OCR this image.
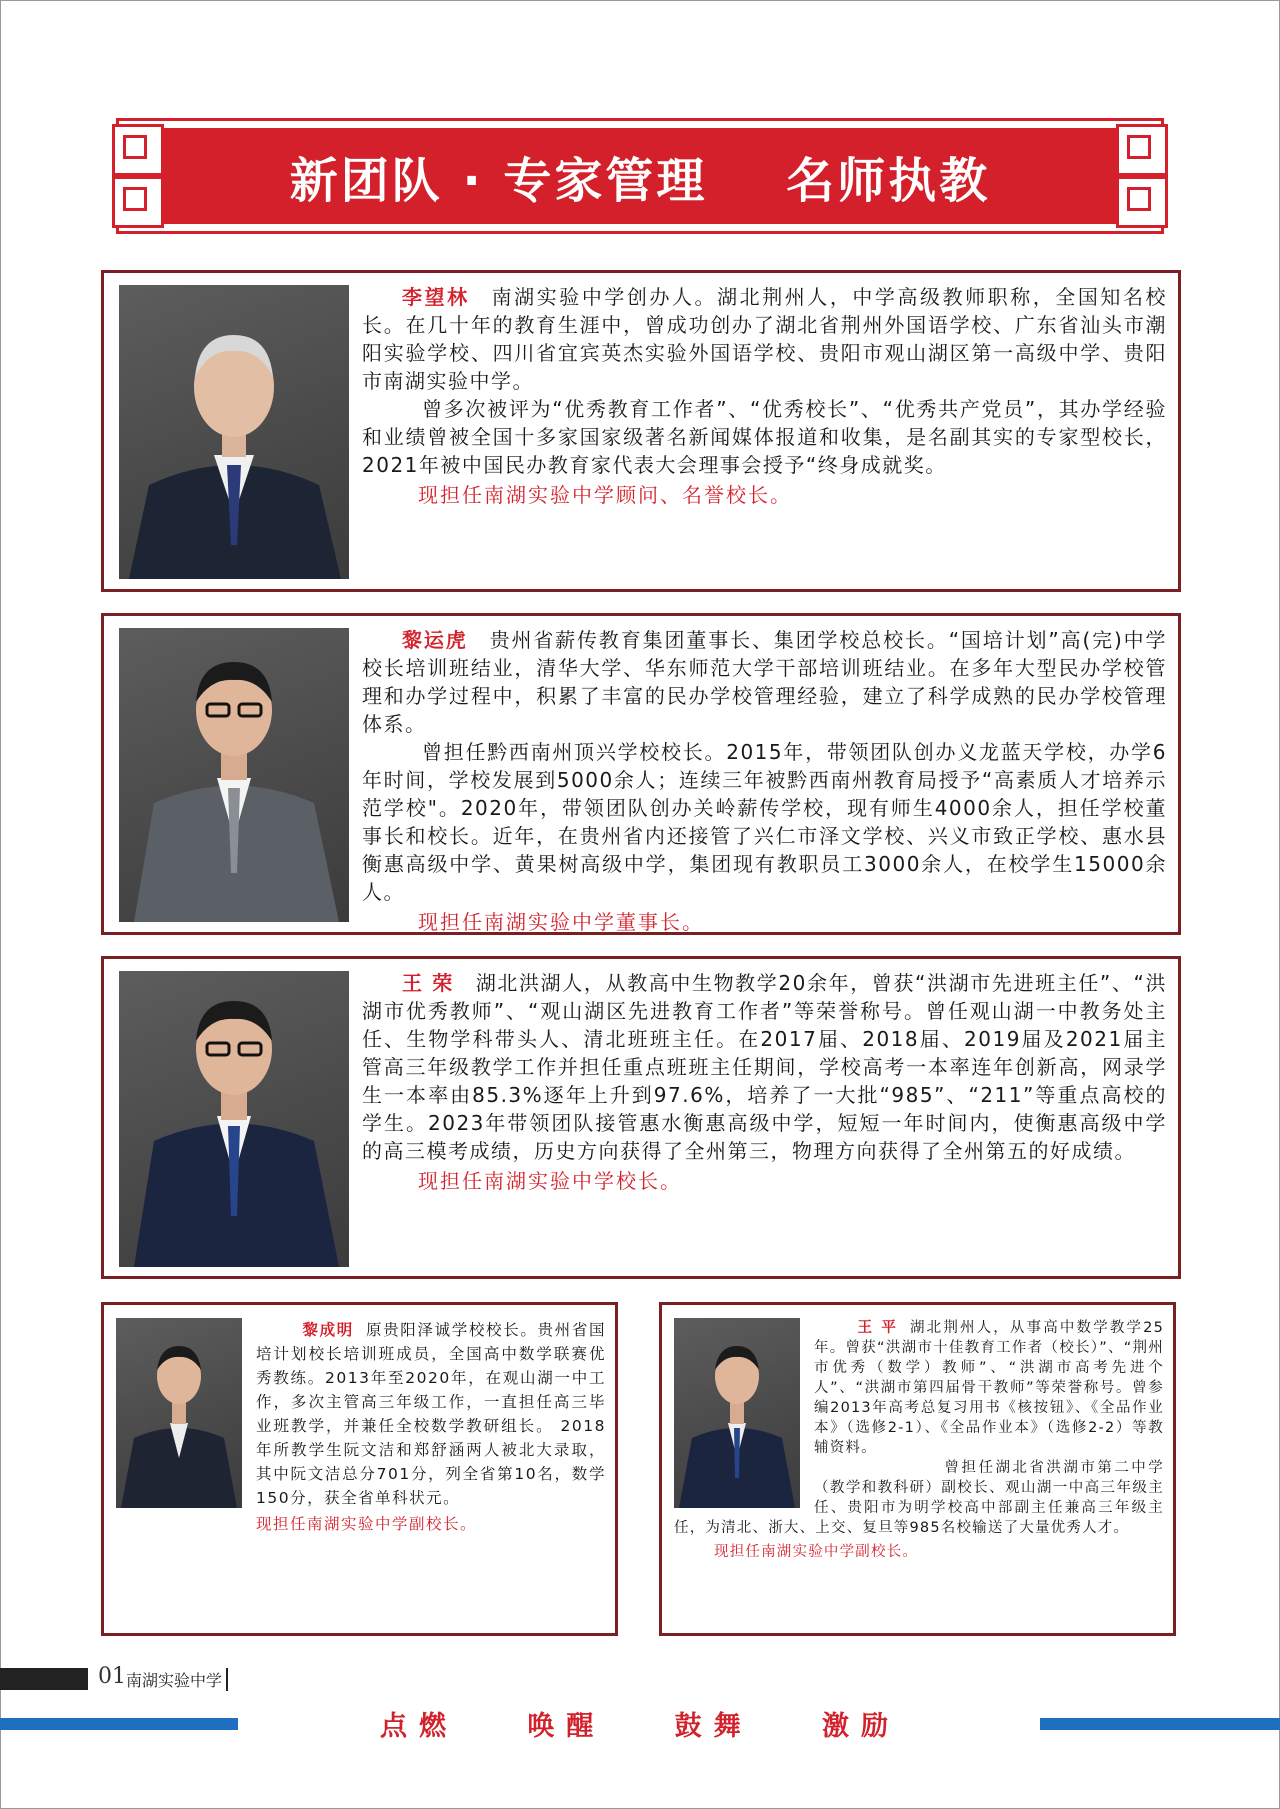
新团队 · 专家管理    名师执教

李望林 南湖实验中学创办人。湖北荆州人，中学高级教师职称，全国知名校长。在几十年的教育生涯中，曾成功创办了湖北省荆州外国语学校、广东省汕头市潮阳实验学校、四川省宜宾英杰实验外国语学校、贵阳市观山湖区第一高级中学、贵阳市南湖实验中学。

曾多次被评为“优秀教育工作者”、“优秀校长”、“优秀共产党员”，其办学经验和业绩曾被全国十多家国家级著名新闻媒体报道和收集，是名副其实的专家型校长，2021年被中国民办教育家代表大会理事会授予“终身成就奖。

现担任南湖实验中学顾问、名誉校长。

黎运虎 贵州省薪传教育集团董事长、集团学校总校长。“国培计划”高(完)中学校长培训班结业，清华大学、华东师范大学干部培训班结业。在多年大型民办学校管理和办学过程中，积累了丰富的民办学校管理经验，建立了科学成熟的民办学校管理体系。

曾担任黔西南州顶兴学校校长。2015年，带领团队创办义龙蓝天学校，办学6年时间，学校发展到5000余人；连续三年被黔西南州教育局授予“高素质人才培养示范学校"。2020年，带领团队创办关岭薪传学校，现有师生4000余人，担任学校董事长和校长。近年，在贵州省内还接管了兴仁市泽文学校、兴义市致正学校、惠水县衡惠高级中学、黄果树高级中学，集团现有教职员工3000余人，在校学生15000余人。

现担任南湖实验中学董事长。

王 荣 湖北洪湖人，从教高中生物教学20余年，曾获“洪湖市先进班主任”、“洪湖市优秀教师”、“观山湖区先进教育工作者”等荣誉称号。曾任观山湖一中教务处主任、生物学科带头人、清北班班主任。在2017届、2018届、2019届及2021届主管高三年级教学工作并担任重点班班主任期间，学校高考一本率连年创新高，网录学生一本率由85.3%逐年上升到97.6%，培养了一大批“985”、“211”等重点高校的学生。2023年带领团队接管惠水衡惠高级中学，短短一年时间内，使衡惠高级中学的高三模考成绩，历史方向获得了全州第三，物理方向获得了全州第五的好成绩。

现担任南湖实验中学校长。

黎成明 原贵阳泽诚学校校长。贵州省国培计划校长培训班成员，全国高中数学联赛优秀教练。2013年至2020年，在观山湖一中工作，多次主管高三年级工作，一直担任高三毕业班教学，并兼任全校数学教研组长。 2018年所教学生阮文洁和郑舒涵两人被北大录取，其中阮文洁总分701分，列全省第10名，数学150分，获全省单科状元。

现担任南湖实验中学副校长。

王 平 湖北荆州人，从事高中数学教学25年。曾获“洪湖市十佳教育工作者（校长）”、“荆州市优秀（数学）教师”、“洪湖市高考先进个人”、“洪湖市第四届骨干教师”等荣誉称号。曾参编2013年高考总复习用书《核按钮》、《全品作业本》（选修2-1）、《全品作业本》（选修2-2）等教辅资料。

曾担任湖北省洪湖市第二中学（教学和教科研）副校长、观山湖一中高三年级主任、贵阳市为明学校高中部副主任兼高三年级主任，为清北、浙大、上交、复旦等985名校输送了大量优秀人才。

现担任南湖实验中学副校长。

01 南湖实验中学
点燃	唤醒	鼓舞	激励
